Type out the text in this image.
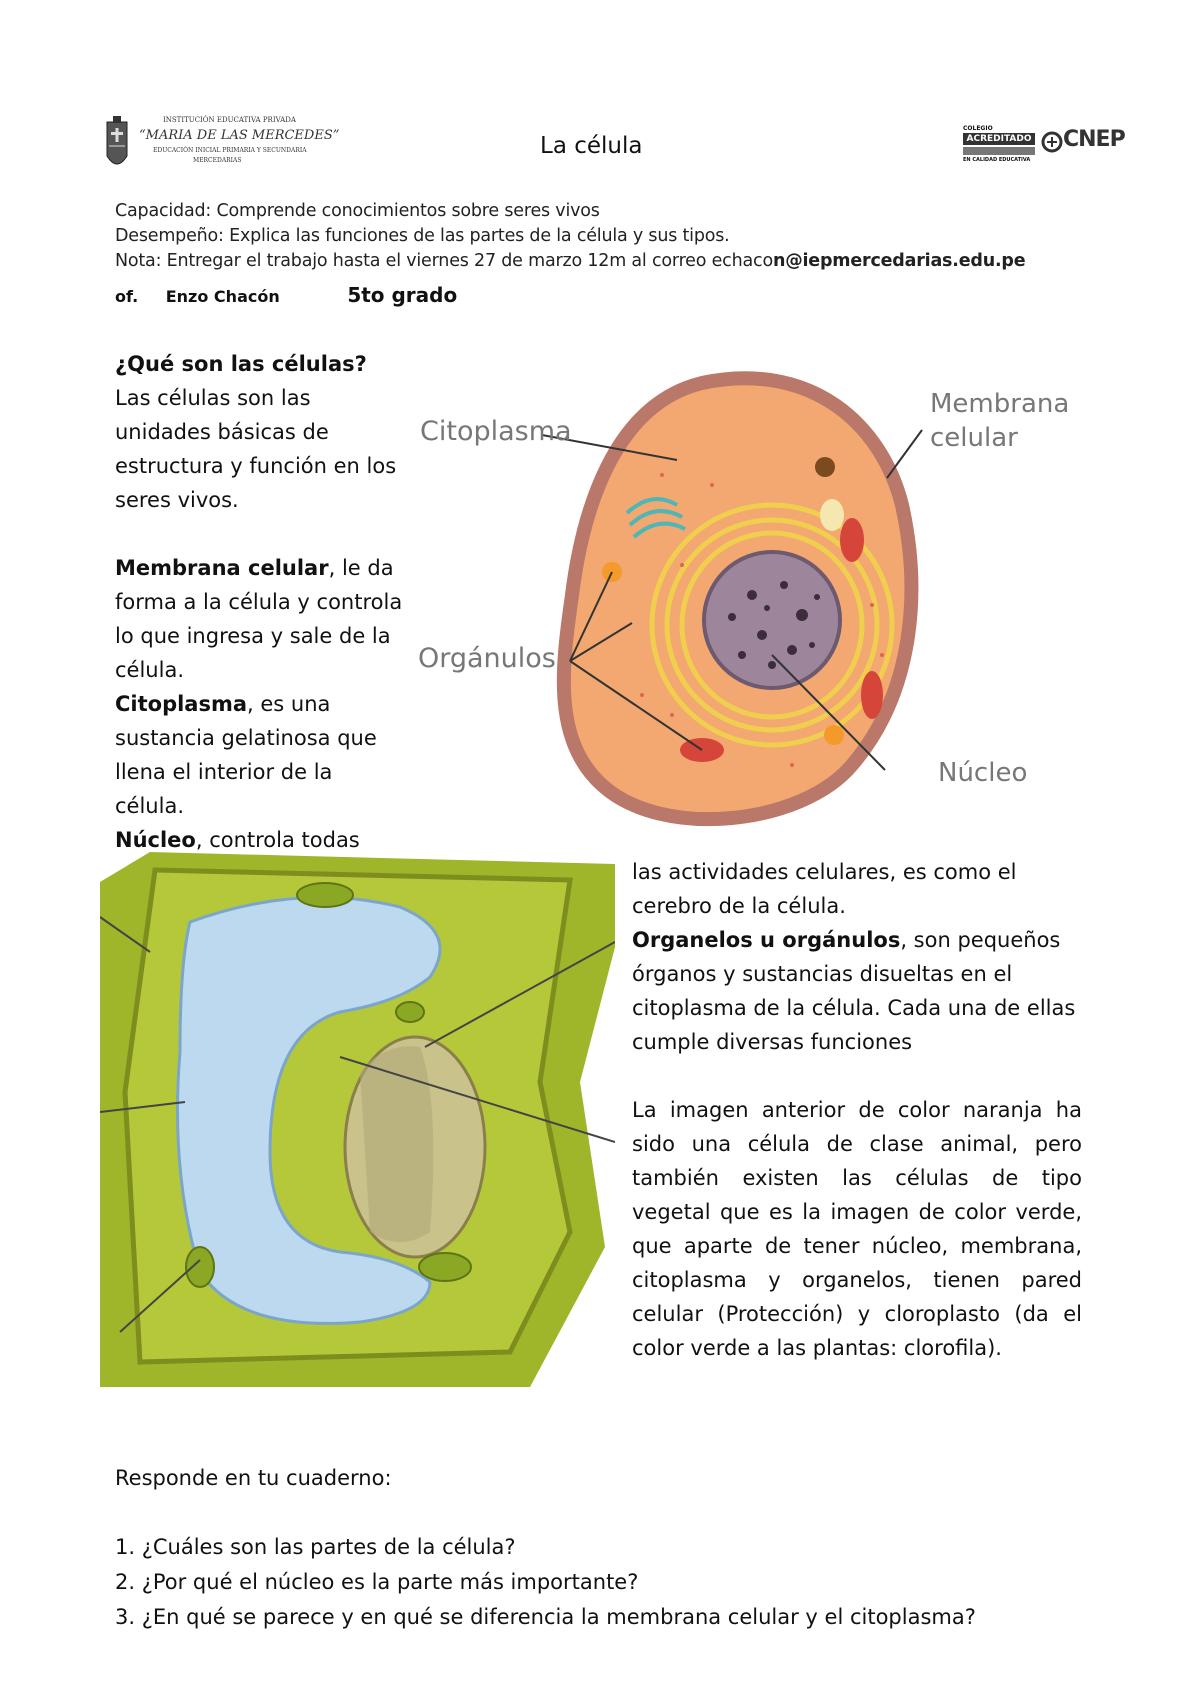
INSTITUCIÓN EDUCATIVA PRIVADA
“MARIA DE LAS MERCEDES”
EDUCACIÓN INICIAL PRIMARIA Y SECUNDARIA
MERCEDARIAS
La célula
COLEGIO
ACREDITADO
EN CALIDAD EDUCATIVA
CNEP
Capacidad: Comprende conocimientos sobre seres vivos
Desempeño: Explica las funciones de las partes de la célula y sus tipos.
Nota: Entregar el trabajo hasta el viernes 27 de marzo 12m al correo echacon@iepmercedarias.edu.pe
of. Enzo Chacón	5to grado
¿Qué son las células?
Las células son las unidades básicas de estructura y función en los seres vivos.
Membrana celular, le da forma a la célula y controla lo que ingresa y sale de la célula.
Citoplasma, es una sustancia gelatinosa que llena el interior de la célula.
Núcleo, controla todas
Citoplasma
Membrana
celular
Orgánulos
Núcleo
las actividades celulares, es como el cerebro de la célula.
Organelos u orgánulos, son pequeños órganos y sustancias disueltas en el citoplasma de la célula. Cada una de ellas cumple diversas funciones
La imagen anterior de color naranja ha sido una célula de clase animal, pero también existen las células de tipo vegetal que es la imagen de color verde, que aparte de tener núcleo, membrana, citoplasma y organelos, tienen pared celular (Protección) y cloroplasto (da el color verde a las plantas: clorofila).
Responde en tu cuaderno:
1. ¿Cuáles son las partes de la célula?
2. ¿Por qué el núcleo es la parte más importante?
3. ¿En qué se parece y en qué se diferencia la membrana celular y el citoplasma?
